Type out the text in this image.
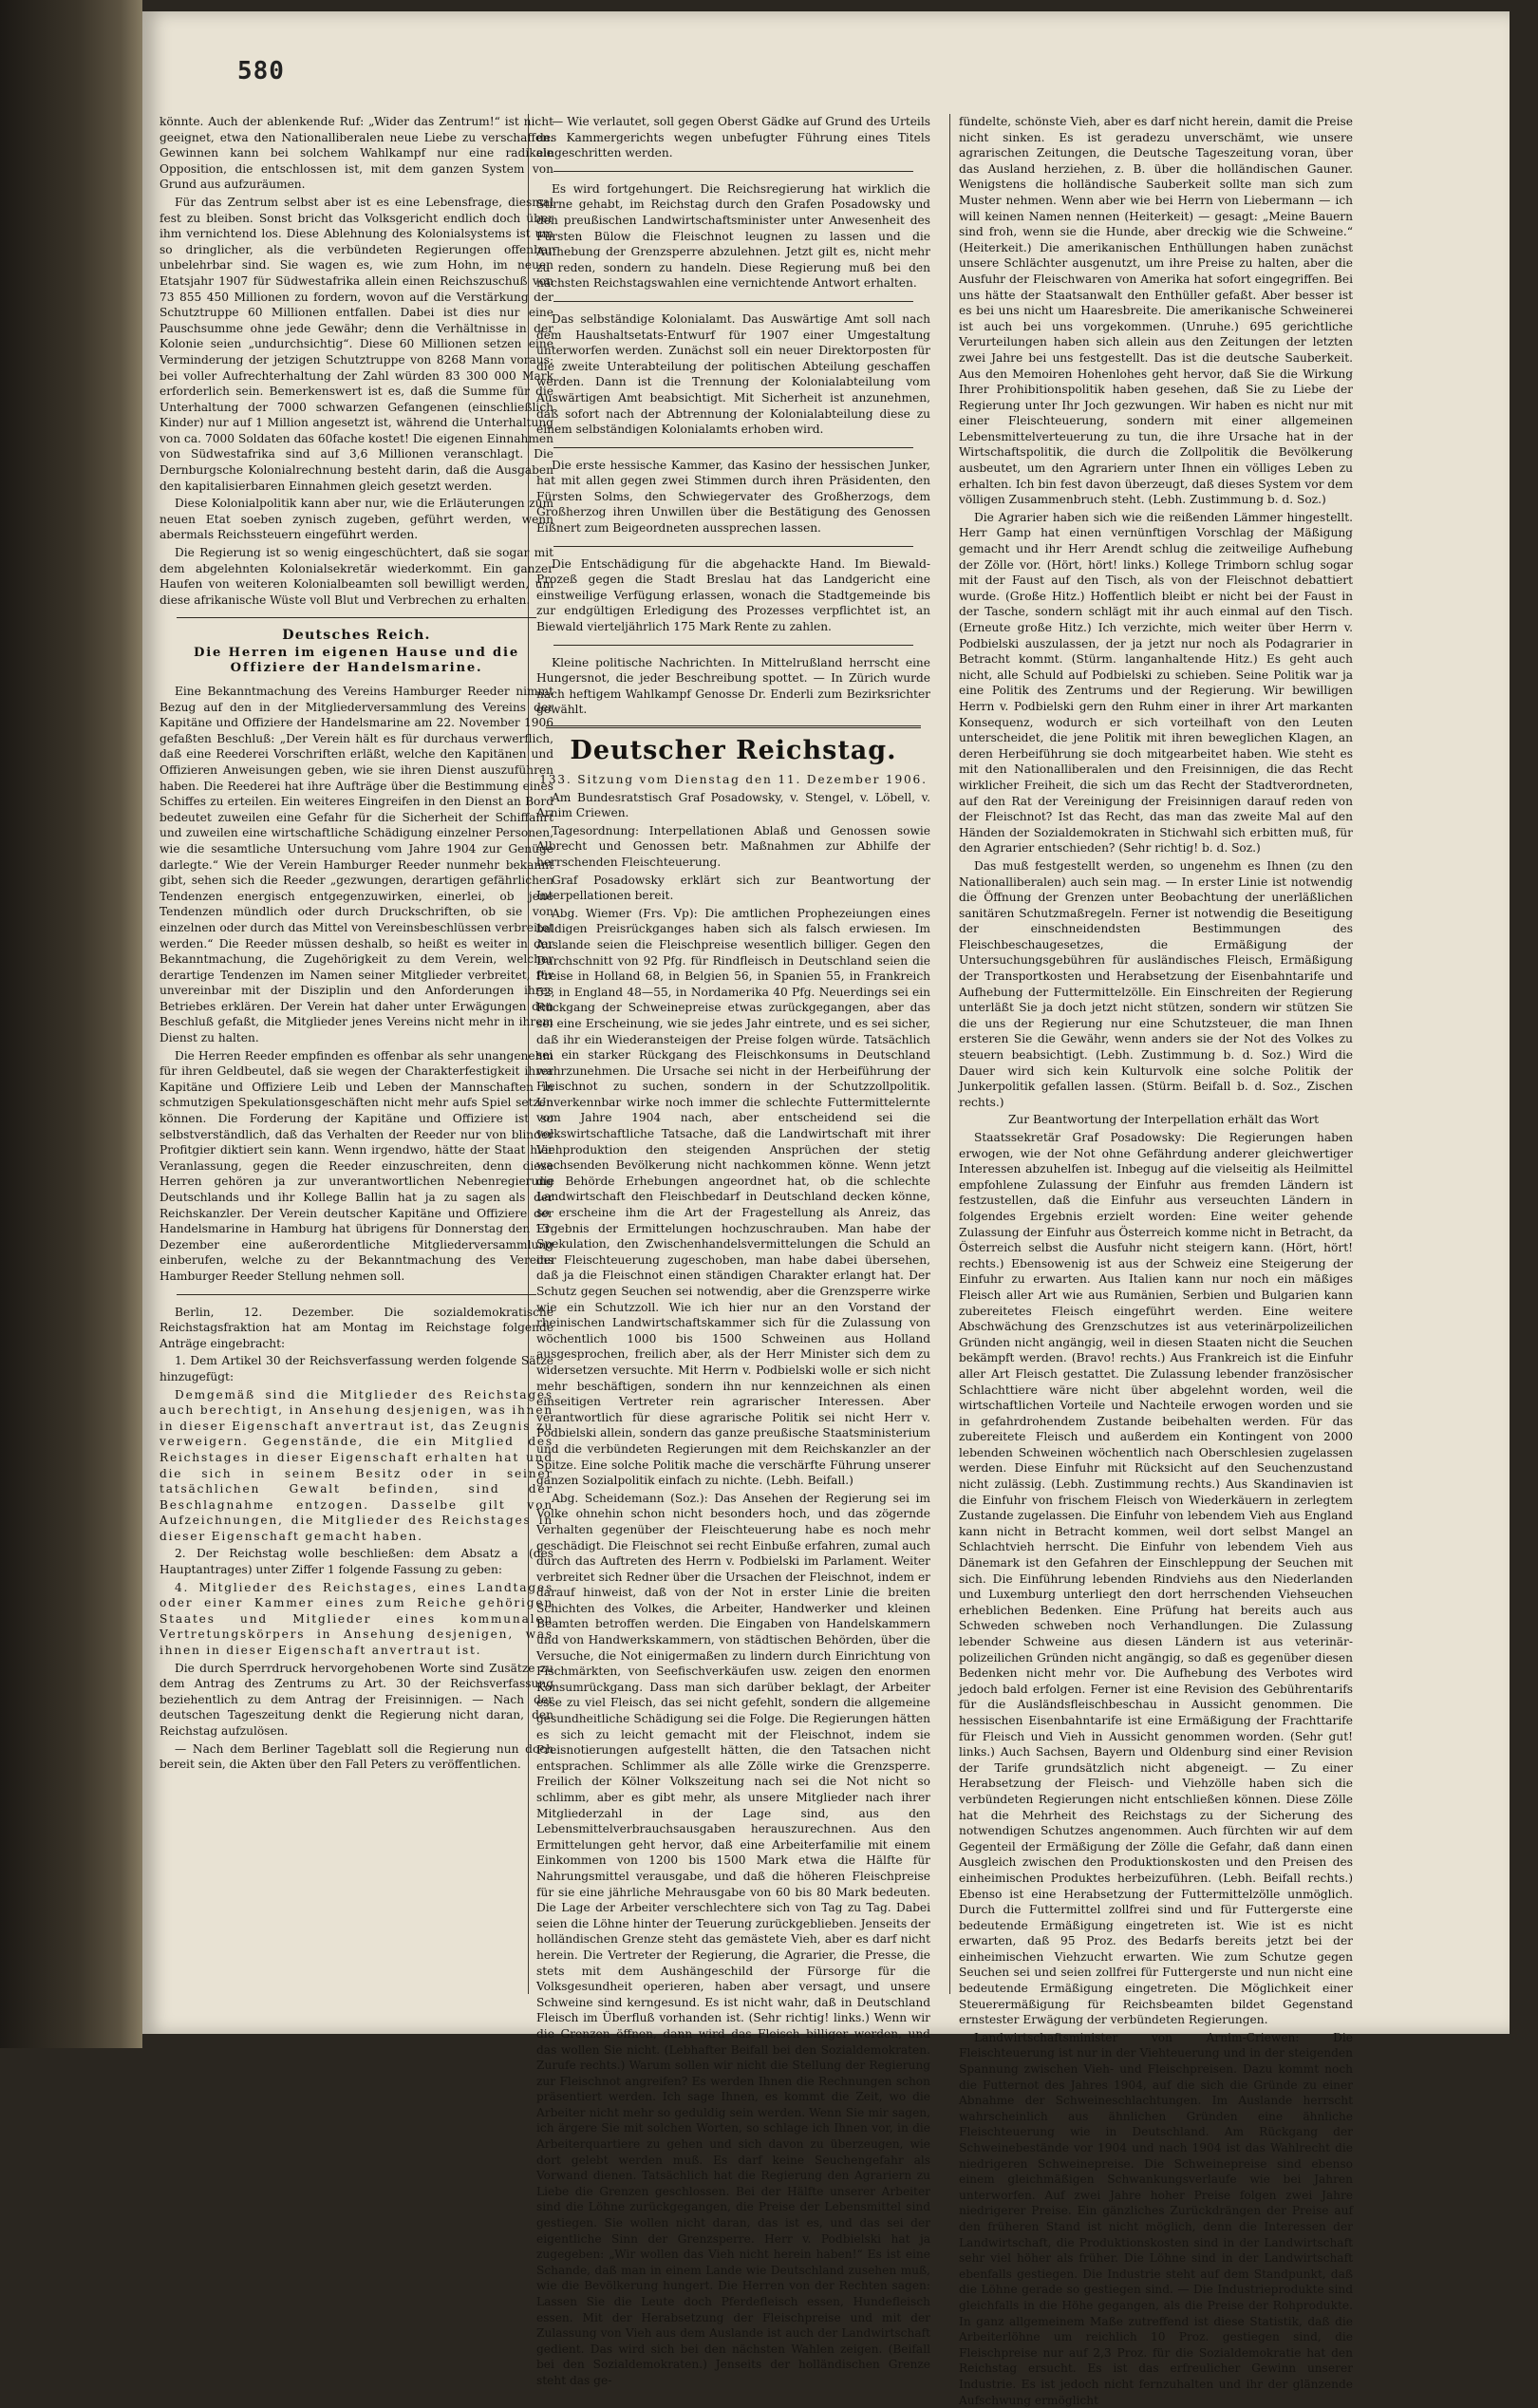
580

könnte. Auch der ablenkende Ruf: „Wider das Zentrum!“ ist nicht geeignet, etwa den Nationalliberalen neue Liebe zu verschaffen. Gewinnen kann bei solchem Wahlkampf nur eine radikale Opposition, die entschlossen ist, mit dem ganzen System von Grund aus aufzuräumen.

Für das Zentrum selbst aber ist es eine Lebensfrage, diesmal fest zu bleiben. Sonst bricht das Volksgericht endlich doch über ihm vernichtend los. Diese Ablehnung des Kolonialsystems ist um so dringlicher, als die verbündeten Regierungen offenbar unbelehrbar sind. Sie wagen es, wie zum Hohn, im neuen Etatsjahr 1907 für Südwestafrika allein einen Reichszuschuß von 73 855 450 Millionen zu fordern, wovon auf die Verstärkung der Schutztruppe 60 Millionen entfallen. Dabei ist dies nur eine Pauschsumme ohne jede Gewähr; denn die Verhältnisse in der Kolonie seien „undurchsichtig“. Diese 60 Millionen setzen eine Verminderung der jetzigen Schutztruppe von 8268 Mann voraus; bei voller Aufrechterhaltung der Zahl würden 83 300 000 Mark erforderlich sein. Bemerkenswert ist es, daß die Summe für die Unterhaltung der 7000 schwarzen Gefangenen (einschließlich Kinder) nur auf 1 Million angesetzt ist, während die Unterhaltung von ca. 7000 Soldaten das 60fache kostet! Die eigenen Einnahmen von Südwestafrika sind auf 3,6 Millionen veranschlagt. Die Dernburgsche Kolonialrechnung besteht darin, daß die Ausgaben den kapitalisierbaren Einnahmen gleich gesetzt werden.

Diese Kolonialpolitik kann aber nur, wie die Erläuterungen zum neuen Etat soeben zynisch zugeben, geführt werden, wenn abermals Reichssteuern eingeführt werden.

Die Regierung ist so wenig eingeschüchtert, daß sie sogar mit dem abgelehnten Kolonialsekretär wiederkommt. Ein ganzer Haufen von weiteren Kolonialbeamten soll bewilligt werden, um diese afrikanische Wüste voll Blut und Verbrechen zu erhalten.

Deutsches Reich.
Die Herren im eigenen Hause und die Offiziere der Handelsmarine.

Eine Bekanntmachung des Vereins Hamburger Reeder nimmt Bezug auf den in der Mitgliederversammlung des Vereins der Kapitäne und Offiziere der Handelsmarine am 22. November 1906 gefaßten Beschluß: „Der Verein hält es für durchaus verwerflich, daß eine Reederei Vorschriften erläßt, welche den Kapitänen und Offizieren Anweisungen geben, wie sie ihren Dienst auszuführen haben. Die Reederei hat ihre Aufträge über die Bestimmung eines Schiffes zu erteilen. Ein weiteres Eingreifen in den Dienst an Bord bedeutet zuweilen eine Gefahr für die Sicherheit der Schiffahrt und zuweilen eine wirtschaftliche Schädigung einzelner Personen, wie die sesamtliche Untersuchung vom Jahre 1904 zur Genüge darlegte.“ Wie der Verein Hamburger Reeder nunmehr bekannt gibt, sehen sich die Reeder „gezwungen, derartigen gefährlichen Tendenzen energisch entgegenzuwirken, einerlei, ob jene Tendenzen mündlich oder durch Druckschriften, ob sie von einzelnen oder durch das Mittel von Vereinsbeschlüssen verbreitet werden.“ Die Reeder müssen deshalb, so heißt es weiter in der Bekanntmachung, die Zugehörigkeit zu dem Verein, welcher derartige Tendenzen im Namen seiner Mitglieder verbreitet, für unvereinbar mit der Disziplin und den Anforderungen ihres Betriebes erklären. Der Verein hat daher unter Erwägungen den Beschluß gefaßt, die Mitglieder jenes Vereins nicht mehr in ihrem Dienst zu halten.

Die Herren Reeder empfinden es offenbar als sehr unangenehm für ihren Geldbeutel, daß sie wegen der Charakterfestigkeit ihrer Kapitäne und Offiziere Leib und Leben der Mannschaften in schmutzigen Spekulationsgeschäften nicht mehr aufs Spiel setzen können. Die Forderung der Kapitäne und Offiziere ist so selbstverständlich, daß das Verhalten der Reeder nur von blinder Profitgier diktiert sein kann. Wenn irgendwo, hätte der Staat hier Veranlassung, gegen die Reeder einzuschreiten, denn diese Herren gehören ja zur unverantwortlichen Nebenregierung Deutschlands und ihr Kollege Ballin hat ja zu sagen als der Reichskanzler. Der Verein deutscher Kapitäne und Offiziere der Handelsmarine in Hamburg hat übrigens für Donnerstag den 13. Dezember eine außerordentliche Mitgliederversammlung einberufen, welche zu der Bekanntmachung des Vereins Hamburger Reeder Stellung nehmen soll.

Berlin, 12. Dezember. Die sozialdemokratische Reichstagsfraktion hat am Montag im Reichstage folgende Anträge eingebracht:

1. Dem Artikel 30 der Reichsverfassung werden folgende Sätze hinzugefügt:

Demgemäß sind die Mitglieder des Reichstages auch berechtigt, in Ansehung desjenigen, was ihnen in dieser Eigenschaft anvertraut ist, das Zeugnis zu verweigern. Gegenstände, die ein Mitglied des Reichstages in dieser Eigenschaft erhalten hat und die sich in seinem Besitz oder in seiner tatsächlichen Gewalt befinden, sind der Beschlagnahme entzogen. Dasselbe gilt von Aufzeichnungen, die Mitglieder des Reichstages in dieser Eigenschaft gemacht haben.

2. Der Reichstag wolle beschließen: dem Absatz a (des Hauptantrages) unter Ziffer 1 folgende Fassung zu geben:

4. Mitglieder des Reichstages, eines Landtages oder einer Kammer eines zum Reiche gehörigen Staates und Mitglieder eines kommunalen Vertretungskörpers in Ansehung desjenigen, was ihnen in dieser Eigenschaft anvertraut ist.

Die durch Sperrdruck hervorgehobenen Worte sind Zusätze zu dem Antrag des Zentrums zu Art. 30 der Reichsverfassung beziehentlich zu dem Antrag der Freisinnigen. — Nach der deutschen Tageszeitung denkt die Regierung nicht daran, den Reichstag aufzulösen.

— Nach dem Berliner Tageblatt soll die Regierung nun doch bereit sein, die Akten über den Fall Peters zu veröffentlichen.

— Wie verlautet, soll gegen Oberst Gädke auf Grund des Urteils des Kammergerichts wegen unbefugter Führung eines Titels eingeschritten werden.

Es wird fortgehungert. Die Reichsregierung hat wirklich die Stirne gehabt, im Reichstag durch den Grafen Posadowsky und den preußischen Landwirtschaftsminister unter Anwesenheit des Fürsten Bülow die Fleischnot leugnen zu lassen und die Aufhebung der Grenzsperre abzulehnen. Jetzt gilt es, nicht mehr zu reden, sondern zu handeln. Diese Regierung muß bei den nächsten Reichstagswahlen eine vernichtende Antwort erhalten.

Das selbständige Kolonialamt. Das Auswärtige Amt soll nach dem Haushaltsetats-Entwurf für 1907 einer Umgestaltung unterworfen werden. Zunächst soll ein neuer Direktorposten für die zweite Unterabteilung der politischen Abteilung geschaffen werden. Dann ist die Trennung der Kolonialabteilung vom Auswärtigen Amt beabsichtigt. Mit Sicherheit ist anzunehmen, daß sofort nach der Abtrennung der Kolonialabteilung diese zu einem selbständigen Kolonialamts erhoben wird.

Die erste hessische Kammer, das Kasino der hessischen Junker, hat mit allen gegen zwei Stimmen durch ihren Präsidenten, den Fürsten Solms, den Schwiegervater des Großherzogs, dem Großherzog ihren Unwillen über die Bestätigung des Genossen Eißnert zum Beigeordneten aussprechen lassen.

Die Entschädigung für die abgehackte Hand. Im Biewald-Prozeß gegen die Stadt Breslau hat das Landgericht eine einstweilige Verfügung erlassen, wonach die Stadtgemeinde bis zur endgültigen Erledigung des Prozesses verpflichtet ist, an Biewald vierteljährlich 175 Mark Rente zu zahlen.

Kleine politische Nachrichten. In Mittelrußland herrscht eine Hungersnot, die jeder Beschreibung spottet. — In Zürich wurde nach heftigem Wahlkampf Genosse Dr. Enderli zum Bezirksrichter gewählt.

Deutscher Reichstag.

133. Sitzung vom Dienstag den 11. Dezember 1906.

Am Bundesratstisch Graf Posadowsky, v. Stengel, v. Löbell, v. Arnim Criewen.

Tagesordnung: Interpellationen Ablaß und Genossen sowie Albrecht und Genossen betr. Maßnahmen zur Abhilfe der herrschenden Fleischteuerung.

Graf Posadowsky erklärt sich zur Beantwortung der Interpellationen bereit.

Abg. Wiemer (Frs. Vp): Die amtlichen Prophezeiungen eines baldigen Preisrückganges haben sich als falsch erwiesen. Im Auslande seien die Fleischpreise wesentlich billiger. Gegen den Durchschnitt von 92 Pfg. für Rindfleisch in Deutschland seien die Preise in Holland 68, in Belgien 56, in Spanien 55, in Frankreich 52, in England 48—55, in Nordamerika 40 Pfg. Neuerdings sei ein Rückgang der Schweinepreise etwas zurückgegangen, aber das sei eine Erscheinung, wie sie jedes Jahr eintrete, und es sei sicher, daß ihr ein Wiederansteigen der Preise folgen würde. Tatsächlich sei ein starker Rückgang des Fleischkonsums in Deutschland wahrzunehmen. Die Ursache sei nicht in der Herbeiführung der Fleischnot zu suchen, sondern in der Schutzzollpolitik. Unverkennbar wirke noch immer die schlechte Futtermittelernte vom Jahre 1904 nach, aber entscheidend sei die volkswirtschaftliche Tatsache, daß die Landwirtschaft mit ihrer Viehproduktion den steigenden Ansprüchen der stetig wachsenden Bevölkerung nicht nachkommen könne. Wenn jetzt die Behörde Erhebungen angeordnet hat, ob die schlechte Landwirtschaft den Fleischbedarf in Deutschland decken könne, so erscheine ihm die Art der Fragestellung als Anreiz, das Ergebnis der Ermittelungen hochzuschrauben. Man habe der Spekulation, den Zwischenhandelsvermittelungen die Schuld an der Fleischteuerung zugeschoben, man habe dabei übersehen, daß ja die Fleischnot einen ständigen Charakter erlangt hat. Der Schutz gegen Seuchen sei notwendig, aber die Grenzsperre wirke wie ein Schutzzoll. Wie ich hier nur an den Vorstand der rheinischen Landwirtschaftskammer sich für die Zulassung von wöchentlich 1000 bis 1500 Schweinen aus Holland ausgesprochen, freilich aber, als der Herr Minister sich dem zu widersetzen versuchte. Mit Herrn v. Podbielski wolle er sich nicht mehr beschäftigen, sondern ihn nur kennzeichnen als einen einseitigen Vertreter rein agrarischer Interessen. Aber verantwortlich für diese agrarische Politik sei nicht Herr v. Podbielski allein, sondern das ganze preußische Staatsministerium und die verbündeten Regierungen mit dem Reichskanzler an der Spitze. Eine solche Politik mache die verschärfte Führung unserer ganzen Sozialpolitik einfach zu nichte. (Lebh. Beifall.)

Abg. Scheidemann (Soz.): Das Ansehen der Regierung sei im Volke ohnehin schon nicht besonders hoch, und das zögernde Verhalten gegenüber der Fleischteuerung habe es noch mehr geschädigt. Die Fleischnot sei recht Einbuße erfahren, zumal auch durch das Auftreten des Herrn v. Podbielski im Parlament. Weiter verbreitet sich Redner über die Ursachen der Fleischnot, indem er darauf hinweist, daß von der Not in erster Linie die breiten Schichten des Volkes, die Arbeiter, Handwerker und kleinen Beamten betroffen werden. Die Eingaben von Handelskammern und von Handwerkskammern, von städtischen Behörden, über die Versuche, die Not einigermaßen zu lindern durch Einrichtung von Fischmärkten, von Seefischverkäufen usw. zeigen den enormen Konsumrückgang. Dass man sich darüber beklagt, der Arbeiter esse zu viel Fleisch, das sei nicht gefehlt, sondern die allgemeine gesundheitliche Schädigung sei die Folge. Die Regierungen hätten es sich zu leicht gemacht mit der Fleischnot, indem sie Preisnotierungen aufgestellt hätten, die den Tatsachen nicht entsprachen. Schlimmer als alle Zölle wirke die Grenzsperre. Freilich der Kölner Volkszeitung nach sei die Not nicht so schlimm, aber es gibt mehr, als unsere Mitglieder nach ihrer Mitgliederzahl in der Lage sind, aus den Lebensmittelverbrauchsausgaben herauszurechnen. Aus den Ermittelungen geht hervor, daß eine Arbeiterfamilie mit einem Einkommen von 1200 bis 1500 Mark etwa die Hälfte für Nahrungsmittel verausgabe, und daß die höheren Fleischpreise für sie eine jährliche Mehrausgabe von 60 bis 80 Mark bedeuten. Die Lage der Arbeiter verschlechtere sich von Tag zu Tag. Dabei seien die Löhne hinter der Teuerung zurückgeblieben. Jenseits der holländischen Grenze steht das gemästete Vieh, aber es darf nicht herein. Die Vertreter der Regierung, die Agrarier, die Presse, die stets mit dem Aushängeschild der Fürsorge für die Volksgesundheit operieren, haben aber versagt, und unsere Schweine sind kerngesund. Es ist nicht wahr, daß in Deutschland Fleisch im Überfluß vorhanden ist. (Sehr richtig! links.) Wenn wir die Grenzen öffnen, dann wird das Fleisch billiger werden, und das wollen Sie nicht. (Lebhafter Beifall bei den Sozialdemokraten. Zurufe rechts.) Warum sollen wir nicht die Stellung der Regierung zur Fleischnot angreifen? Es werden Ihnen die Rechnungen schon präsentiert werden. Ich sage Ihnen, es kommt die Zeit, wo die Arbeiter nicht mehr so geduldig sein werden. Wenn Sie mir sagen, ich ärgere Sie mit solchen Worten, so schlage ich Ihnen vor, in die Arbeiterquartiere zu gehen und sich davon zu überzeugen, wie dort gelebt werden muß. Es darf keine Seuchengefahr als Vorwand dienen. Tatsächlich hat die Regierung den Agrariern zu Liebe die Grenzen geschlossen. Bei der Hälfte unserer Arbeiter sind die Löhne zurückgegangen, die Preise der Lebensmittel sind gestiegen. Sie wollen nicht daran, das ist es, und das sei der eigentliche Sinn der Grenzsperre. Herr v. Podbielski hat ja zugegeben: „Wir wollen das Vieh nicht herein haben!“ Es ist eine Schande, daß man in einem Lande wie Deutschland zusehen muß, wie die Bevölkerung hungert. Die Herren von der Rechten sagen: Lassen Sie die Leute doch Pferdefleisch essen, Hundefleisch essen. Mit der Herabsetzung der Fleischpreise und mit der Zulassung von Vieh aus dem Auslande ist auch der Landwirtschaft gedient. Das wird sich bei den nächsten Wahlen zeigen. (Beifall bei den Sozialdemokraten.) Jenseits der holländischen Grenze steht das ge-

fündelte, schönste Vieh, aber es darf nicht herein, damit die Preise nicht sinken. Es ist geradezu unverschämt, wie unsere agrarischen Zeitungen, die Deutsche Tageszeitung voran, über das Ausland herziehen, z. B. über die holländischen Gauner. Wenigstens die holländische Sauberkeit sollte man sich zum Muster nehmen. Wenn aber wie bei Herrn von Liebermann — ich will keinen Namen nennen (Heiterkeit) — gesagt: „Meine Bauern sind froh, wenn sie die Hunde, aber dreckig wie die Schweine.“ (Heiterkeit.) Die amerikanischen Enthüllungen haben zunächst unsere Schlächter ausgenutzt, um ihre Preise zu halten, aber die Ausfuhr der Fleischwaren von Amerika hat sofort eingegriffen. Bei uns hätte der Staatsanwalt den Enthüller gefaßt. Aber besser ist es bei uns nicht um Haaresbreite. Die amerikanische Schweinerei ist auch bei uns vorgekommen. (Unruhe.) 695 gerichtliche Verurteilungen haben sich allein aus den Zeitungen der letzten zwei Jahre bei uns festgestellt. Das ist die deutsche Sauberkeit. Aus den Memoiren Hohenlohes geht hervor, daß Sie die Wirkung Ihrer Prohibitionspolitik haben gesehen, daß Sie zu Liebe der Regierung unter Ihr Joch gezwungen. Wir haben es nicht nur mit einer Fleischteuerung, sondern mit einer allgemeinen Lebensmittelverteuerung zu tun, die ihre Ursache hat in der Wirtschaftspolitik, die durch die Zollpolitik die Bevölkerung ausbeutet, um den Agrariern unter Ihnen ein völliges Leben zu erhalten. Ich bin fest davon überzeugt, daß dieses System vor dem völligen Zusammenbruch steht. (Lebh. Zustimmung b. d. Soz.)

Die Agrarier haben sich wie die reißenden Lämmer hingestellt. Herr Gamp hat einen vernünftigen Vorschlag der Mäßigung gemacht und ihr Herr Arendt schlug die zeitweilige Aufhebung der Zölle vor. (Hört, hört! links.) Kollege Trimborn schlug sogar mit der Faust auf den Tisch, als von der Fleischnot debattiert wurde. (Große Hitz.) Hoffentlich bleibt er nicht bei der Faust in der Tasche, sondern schlägt mit ihr auch einmal auf den Tisch. (Erneute große Hitz.) Ich verzichte, mich weiter über Herrn v. Podbielski auszulassen, der ja jetzt nur noch als Podagrarier in Betracht kommt. (Stürm. langanhaltende Hitz.) Es geht auch nicht, alle Schuld auf Podbielski zu schieben. Seine Politik war ja eine Politik des Zentrums und der Regierung. Wir bewilligen Herrn v. Podbielski gern den Ruhm einer in ihrer Art markanten Konsequenz, wodurch er sich vorteilhaft von den Leuten unterscheidet, die jene Politik mit ihren beweglichen Klagen, an deren Herbeiführung sie doch mitgearbeitet haben. Wie steht es mit den Nationalliberalen und den Freisinnigen, die das Recht wirklicher Freiheit, die sich um das Recht der Stadtverordneten, auf den Rat der Vereinigung der Freisinnigen darauf reden von der Fleischnot? Ist das Recht, das man das zweite Mal auf den Händen der Sozialdemokraten in Stichwahl sich erbitten muß, für den Agrarier entschieden? (Sehr richtig! b. d. Soz.)

Das muß festgestellt werden, so ungenehm es Ihnen (zu den Nationalliberalen) auch sein mag. — In erster Linie ist notwendig die Öffnung der Grenzen unter Beobachtung der unerläßlichen sanitären Schutzmaßregeln. Ferner ist notwendig die Beseitigung der einschneidendsten Bestimmungen des Fleischbeschaugesetzes, die Ermäßigung der Untersuchungsgebühren für ausländisches Fleisch, Ermäßigung der Transportkosten und Herabsetzung der Eisenbahntarife und Aufhebung der Futtermittelzölle. Ein Einschreiten der Regierung unterläßt Sie ja doch jetzt nicht stützen, sondern wir stützen Sie die uns der Regierung nur eine Schutzsteuer, die man Ihnen ersteren Sie die Gewähr, wenn anders sie der Not des Volkes zu steuern beabsichtigt. (Lebh. Zustimmung b. d. Soz.) Wird die Dauer wird sich kein Kulturvolk eine solche Politik der Junkerpolitik gefallen lassen. (Stürm. Beifall b. d. Soz., Zischen rechts.)

Zur Beantwortung der Interpellation erhält das Wort

Staatssekretär Graf Posadowsky: Die Regierungen haben erwogen, wie der Not ohne Gefährdung anderer gleichwertiger Interessen abzuhelfen ist. Inbegug auf die vielseitig als Heilmittel empfohlene Zulassung der Einfuhr aus fremden Ländern ist festzustellen, daß die Einfuhr aus verseuchten Ländern in folgendes Ergebnis erzielt worden: Eine weiter gehende Zulassung der Einfuhr aus Österreich komme nicht in Betracht, da Österreich selbst die Ausfuhr nicht steigern kann. (Hört, hört! rechts.) Ebensowenig ist aus der Schweiz eine Steigerung der Einfuhr zu erwarten. Aus Italien kann nur noch ein mäßiges Fleisch aller Art wie aus Rumänien, Serbien und Bulgarien kann zubereitetes Fleisch eingeführt werden. Eine weitere Abschwächung des Grenzschutzes ist aus veterinärpolizeilichen Gründen nicht angängig, weil in diesen Staaten nicht die Seuchen bekämpft werden. (Bravo! rechts.) Aus Frankreich ist die Einfuhr aller Art Fleisch gestattet. Die Zulassung lebender französischer Schlachttiere wäre nicht über abgelehnt worden, weil die wirtschaftlichen Vorteile und Nachteile erwogen worden und sie in gefahrdrohendem Zustande beibehalten werden. Für das zubereitete Fleisch und außerdem ein Kontingent von 2000 lebenden Schweinen wöchentlich nach Oberschlesien zugelassen werden. Diese Einfuhr mit Rücksicht auf den Seuchenzustand nicht zulässig. (Lebh. Zustimmung rechts.) Aus Skandinavien ist die Einfuhr von frischem Fleisch von Wiederkäuern in zerlegtem Zustande zugelassen. Die Einfuhr von lebendem Vieh aus England kann nicht in Betracht kommen, weil dort selbst Mangel an Schlachtvieh herrscht. Die Einfuhr von lebendem Vieh aus Dänemark ist den Gefahren der Einschleppung der Seuchen mit sich. Die Einführung lebenden Rindviehs aus den Niederlanden und Luxemburg unterliegt den dort herrschenden Viehseuchen erheblichen Bedenken. Eine Prüfung hat bereits auch aus Schweden schweben noch Verhandlungen. Die Zulassung lebender Schweine aus diesen Ländern ist aus veterinär-polizeilichen Gründen nicht angängig, so daß es gegenüber diesen Bedenken nicht mehr vor. Die Aufhebung des Verbotes wird jedoch bald erfolgen. Ferner ist eine Revision des Gebührentarifs für die Ausländsfleischbeschau in Aussicht genommen. Die hessischen Eisenbahntarife ist eine Ermäßigung der Frachttarife für Fleisch und Vieh in Aussicht genommen worden. (Sehr gut! links.) Auch Sachsen, Bayern und Oldenburg sind einer Revision der Tarife grundsätzlich nicht abgeneigt. — Zu einer Herabsetzung der Fleisch- und Viehzölle haben sich die verbündeten Regierungen nicht entschließen können. Diese Zölle hat die Mehrheit des Reichstags zu der Sicherung des notwendigen Schutzes angenommen. Auch fürchten wir auf dem Gegenteil der Ermäßigung der Zölle die Gefahr, daß dann einen Ausgleich zwischen den Produktionskosten und den Preisen des einheimischen Produktes herbeizuführen. (Lebh. Beifall rechts.) Ebenso ist eine Herabsetzung der Futtermittelzölle unmöglich. Durch die Futtermittel zollfrei sind und für Futtergerste eine bedeutende Ermäßigung eingetreten ist. Wie ist es nicht erwarten, daß 95 Proz. des Bedarfs bereits jetzt bei der einheimischen Viehzucht erwarten. Wie zum Schutze gegen Seuchen sei und seien zollfrei für Futtergerste und nun nicht eine bedeutende Ermäßigung eingetreten. Die Möglichkeit einer Steuerermäßigung für Reichsbeamten bildet Gegenstand ernstester Erwägung der verbündeten Regierungen.

Landwirtschaftsminister von Arnim-Criewen: Die Fleischteuerung ist nur in der Viehteuerung und in der steigenden Spannung zwischen Vieh- und Fleischpreisen. Dazu kommt noch die Futternot des Jahres 1904, auf die sich die Gründe zu einer Abnahme der Schweineschlachtungen. Im Auslande herrscht wahrscheinlich aus ähnlichen Gründen eine ähnliche Fleischteuerung wie in Deutschland. Am Rückgang der Schweinebestände vor 1904 und nach 1904 ist das Wahlrecht die niedrigeren Schweinepreise. Die Schweinepreise sind ebenso einem gleichmäßigen Schwankungsverlaufe wie bei Jahren unterworfen. Auf zwei Jahre hoher Preise folgen zwei Jahre niedrigerer Preise. Ein gänzliches Zurückdrängen der Preise auf den früheren Stand ist nicht möglich, denn die Interessen der Landwirtschaft, die Produktionskosten sind in der Landwirtschaft sehr viel höher als früher. Die Löhne sind in der Landwirtschaft ebenfalls gestiegen. Die Industrie steht auf dem Standpunkt, daß die Löhne gerade so gestiegen sind. — Die Industrieprodukte sind gleichfalls in die Höhe gegangen, als die Preise der Rohprodukte. In ganz allgemeinem Maße zutreffend ist diese Statistik, daß die Arbeiterlöhne um reichlich 10 Proz. gestiegen sind, die Fleischpreise nur auf 2,3 Proz. für die Sozialdemokratie hat den Reichstag ersucht. Es ist das erfreulicher Gewinn unserer Industrie. Es ist jedoch nicht fernzuhalten und ihr der glänzende Aufschwung ermöglicht
